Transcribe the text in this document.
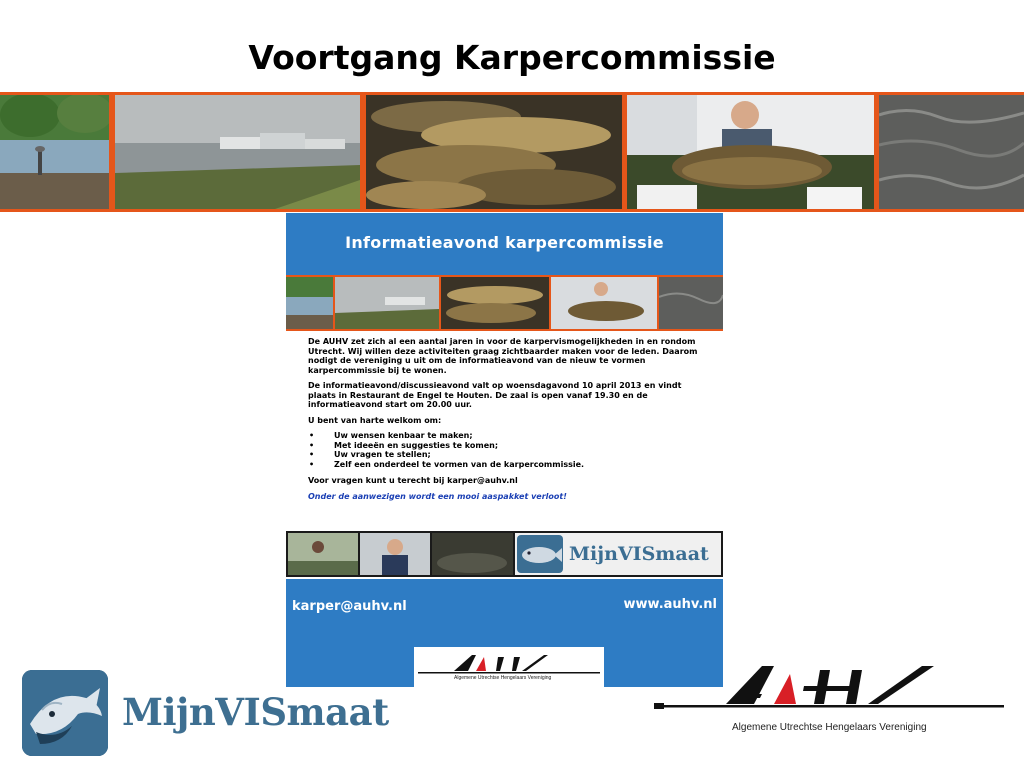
Voortgang Karpercommissie
Informatieavond karpercommissie

De AUHV zet zich al een aantal jaren in voor de karpervismogelijkheden in en rondom Utrecht. Wij willen deze activiteiten graag zichtbaarder maken voor de leden. Daarom nodigt de vereniging u uit om de informatieavond van de nieuw te vormen karpercommissie bij te wonen.

De informatieavond/discussieavond valt op woensdagavond 10 april 2013 en vindt plaats in Restaurant de Engel te Houten. De zaal is open vanaf 19.30 en de informatieavond start om 20.00 uur.

U bent van harte welkom om:

• Uw wensen kenbaar te maken;
• Met ideeën en suggesties te komen;
• Uw vragen te stellen;
• Zelf een onderdeel te vormen van de karpercommissie.

Voor vragen kunt u terecht bij karper@auhv.nl

Onder de aanwezigen wordt een mooi aaspakket verloot!

MijnVISmaat
karper@auhv.nl	www.auhv.nl
Algemene Utrechtse Hengelaars Vereniging
MijnVISmaat	Algemene Utrechtse Hengelaars Vereniging
